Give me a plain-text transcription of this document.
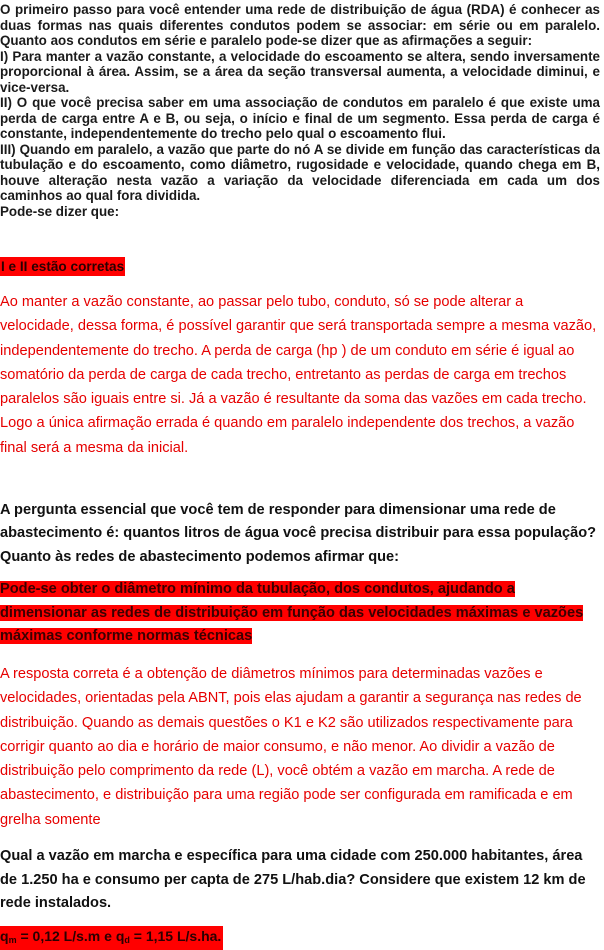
O primeiro passo para você entender uma rede de distribuição de água (RDA) é conhecer as duas formas nas quais diferentes condutos podem se associar: em série ou em paralelo. Quanto aos condutos em série e paralelo pode-se dizer que as afirmações a seguir:

I) Para manter a vazão constante, a velocidade do escoamento se altera, sendo inversamente proporcional à área. Assim, se a área da seção transversal aumenta, a velocidade diminui, e vice-versa.

II) O que você precisa saber em uma associação de condutos em paralelo é que existe uma perda de carga entre A e B, ou seja, o início e final de um segmento. Essa perda de carga é constante, independentemente do trecho pelo qual o escoamento flui.

III) Quando em paralelo, a vazão que parte do nó A se divide em função das características da tubulação e do escoamento, como diâmetro, rugosidade e velocidade, quando chega em B, houve alteração nesta vazão a variação da velocidade diferenciada em cada um dos caminhos ao qual fora dividida.

Pode-se dizer que:

I e II estão corretas

Ao manter a vazão constante, ao passar pelo tubo, conduto, só se pode alterar a velocidade, dessa forma, é possível garantir que será transportada sempre a mesma vazão, independentemente do trecho. A perda de carga (hp ) de um conduto em série é igual ao somatório da perda de carga de cada trecho, entretanto as perdas de carga em trechos paralelos são iguais entre si. Já a vazão é resultante da soma das vazões em cada trecho. Logo a única afirmação errada é quando em paralelo independente dos trechos, a vazão final será a mesma da inicial.

A pergunta essencial que você tem de responder para dimensionar uma rede de abastecimento é: quantos litros de água você precisa distribuir para essa população? Quanto às redes de abastecimento podemos afirmar que:

Pode-se obter o diâmetro mínimo da tubulação, dos condutos, ajudando a dimensionar as redes de distribuição em função das velocidades máximas e vazões máximas conforme normas técnicas

A resposta correta é a obtenção de diâmetros mínimos para determinadas vazões e velocidades, orientadas pela ABNT, pois elas ajudam a garantir a segurança nas redes de distribuição. Quando as demais questões o K1 e K2 são utilizados respectivamente para corrigir quanto ao dia e horário de maior consumo, e não menor. Ao dividir a vazão de distribuição pelo comprimento da rede (L), você obtém a vazão em marcha. A rede de abastecimento, e distribuição para uma região pode ser configurada em ramificada e em grelha somente

Qual a vazão em marcha e específica para uma cidade com 250.000 habitantes, área de 1.250 ha e consumo per capta de 275 L/hab.dia? Considere que existem 12 km de rede instalados.

$q_m = 0,12$ L/s.m e $q_d = 1,15$ L/s.ha.
